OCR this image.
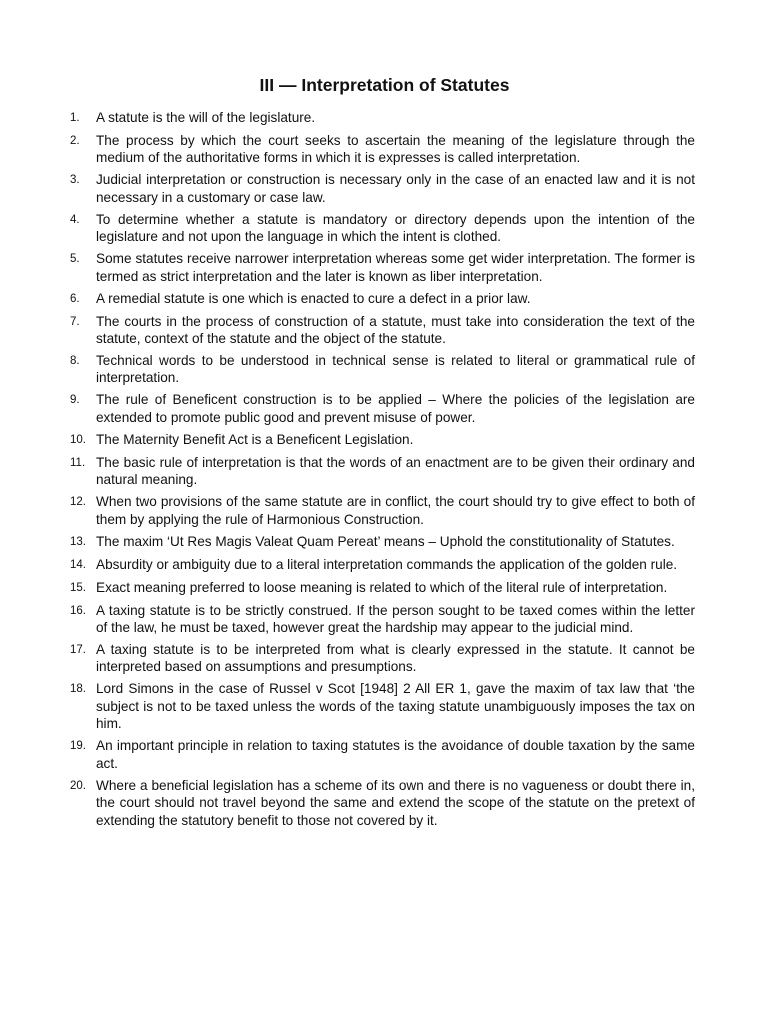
III — Interpretation of Statutes
1.	A statute is the will of the legislature.
2.	The process by which the court seeks to ascertain the meaning of the legislature through the medium of the authoritative forms in which it is expresses is called interpretation.
3.	Judicial interpretation or construction is necessary only in the case of an enacted law and it is not necessary in a customary or case law.
4.	To determine whether a statute is mandatory or directory depends upon the intention of the legislature and not upon the language in which the intent is clothed.
5.	Some statutes receive narrower interpretation whereas some get wider interpretation. The former is termed as strict interpretation and the later is known as liber interpretation.
6.	A remedial statute is one which is enacted to cure a defect in a prior law.
7.	The courts in the process of construction of a statute, must take into consideration the text of the statute, context of the statute and the object of the statute.
8.	Technical words to be understood in technical sense is related to literal or grammatical rule of interpretation.
9.	The rule of Beneficent construction is to be applied – Where the policies of the legislation are extended to promote public good and prevent misuse of power.
10. The Maternity Benefit Act is a Beneficent Legislation.
11. The basic rule of interpretation is that the words of an enactment are to be given their ordinary and natural meaning.
12. When two provisions of the same statute are in conflict, the court should try to give effect to both of them by applying the rule of Harmonious Construction.
13. The maxim ‘Ut Res Magis Valeat Quam Pereat’ means – Uphold the constitutionality of Statutes.
14. Absurdity or ambiguity due to a literal interpretation commands the application of the golden rule.
15. Exact meaning preferred to loose meaning is related to which of the literal rule of interpretation.
16. A taxing statute is to be strictly construed. If the person sought to be taxed comes within the letter of the law, he must be taxed, however great the hardship may appear to the judicial mind.
17. A taxing statute is to be interpreted from what is clearly expressed in the statute. It cannot be interpreted based on assumptions and presumptions.
18. Lord Simons in the case of Russel v Scot [1948] 2 All ER 1, gave the maxim of tax law that ‘the subject is not to be taxed unless the words of the taxing statute unambiguously imposes the tax on him.
19. An important principle in relation to taxing statutes is the avoidance of double taxation by the same act.
20. Where a beneficial legislation has a scheme of its own and there is no vagueness or doubt there in, the court should not travel beyond the same and extend the scope of the statute on the pretext of extending the statutory benefit to those not covered by it.
